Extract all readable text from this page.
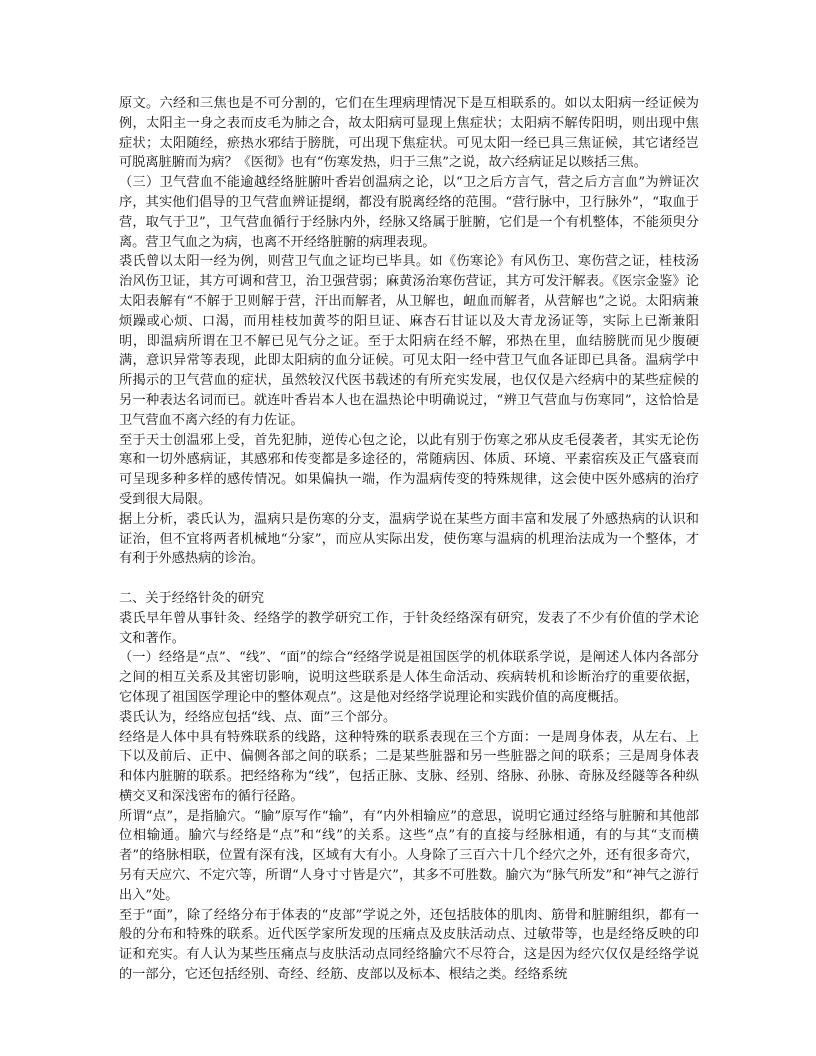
原文。六经和三焦也是不可分割的，它们在生理病理情况下是互相联系的。如以太阳病一经证候为例，太阳主一身之表而皮毛为肺之合，故太阳病可显现上焦症状；太阳病不解传阳明，则出现中焦症状；太阳随经，瘀热水邪结于膀胱，可出现下焦症状。可见太阳一经已具三焦证候，其它诸经岂可脱离脏腑而为病？《医彻》也有“伤寒发热，归于三焦”之说，故六经病证足以赅括三焦。

（三）卫气营血不能逾越经络脏腑叶香岩创温病之论，以“卫之后方言气，营之后方言血”为辨证次序，其实他们倡导的卫气营血辨证提纲，都没有脱离经络的范围。“营行脉中，卫行脉外”，“取血于营，取气于卫”，卫气营血循行于经脉内外，经脉又络属于脏腑，它们是一个有机整体，不能须臾分离。营卫气血之为病，也离不开经络脏腑的病理表现。

裘氏曾以太阳一经为例，则营卫气血之证均已毕具。如《伤寒论》有风伤卫、寒伤营之证，桂枝汤治风伤卫证，其方可调和营卫，治卫强营弱；麻黄汤治寒伤营证，其方可发汗解表。《医宗金鉴》论太阳表解有“不解于卫则解于营，汗出而解者，从卫解也，衄血而解者，从营解也”之说。太阳病兼烦躁或心烦、口渴，而用桂枝加黄芩的阳旦证、麻杏石甘证以及大青龙汤证等，实际上已渐兼阳明，即温病所谓在卫不解已见气分之证。至于太阳病在经不解，邪热在里，血结膀胱而见少腹硬满，意识异常等表现，此即太阳病的血分证候。可见太阳一经中营卫气血各证即已具备。温病学中所揭示的卫气营血的症状，虽然较汉代医书载述的有所充实发展，也仅仅是六经病中的某些症候的另一种表达名词而已。就连叶香岩本人也在温热论中明确说过，“辨卫气营血与伤寒同”，这恰恰是卫气营血不离六经的有力佐证。

至于天士创温邪上受，首先犯肺，逆传心包之论，以此有别于伤寒之邪从皮毛侵袭者，其实无论伤寒和一切外感病证，其感邪和传变都是多途径的，常随病因、体质、环境、平素宿疾及正气盛衰而可呈现多种多样的感传情况。如果偏执一端，作为温病传变的特殊规律，这会使中医外感病的治疗受到很大局限。

据上分析，裘氏认为，温病只是伤寒的分支，温病学说在某些方面丰富和发展了外感热病的认识和证治，但不宜将两者机械地“分家”，而应从实际出发，使伤寒与温病的机理治法成为一个整体，才有利于外感热病的诊治。

二、关于经络针灸的研究

裘氏早年曾从事针灸、经络学的教学研究工作，于针灸经络深有研究，发表了不少有价值的学术论文和著作。

（一）经络是“点”、“线”、“面”的综合“经络学说是祖国医学的机体联系学说，是阐述人体内各部分之间的相互关系及其密切影响，说明这些联系是人体生命活动、疾病转机和诊断治疗的重要依据，它体现了祖国医学理论中的整体观点”。这是他对经络学说理论和实践价值的高度概括。

裘氏认为，经络应包括“线、点、面”三个部分。

经络是人体中具有特殊联系的线路，这种特殊的联系表现在三个方面：一是周身体表，从左右、上下以及前后、正中、偏侧各部之间的联系；二是某些脏器和另一些脏器之间的联系；三是周身体表和体内脏腑的联系。把经络称为“线”，包括正脉、支脉、经别、络脉、孙脉、奇脉及经隧等各种纵横交叉和深浅密布的循行径路。

所谓“点”，是指腧穴。“腧”原写作“输”，有“内外相输应”的意思，说明它通过经络与脏腑和其他部位相输通。腧穴与经络是“点”和“线”的关系。这些“点”有的直接与经脉相通，有的与其“支而横者”的络脉相联，位置有深有浅，区域有大有小。人身除了三百六十几个经穴之外，还有很多奇穴，另有天应穴、不定穴等，所谓“人身寸寸皆是穴”，其多不可胜数。腧穴为“脉气所发”和“神气之游行出入”处。

至于“面”，除了经络分布于体表的“皮部”学说之外，还包括肢体的肌肉、筋骨和脏腑组织，都有一般的分布和特殊的联系。近代医学家所发现的压痛点及皮肤活动点、过敏带等，也是经络反映的印证和充实。有人认为某些压痛点与皮肤活动点同经络腧穴不尽符合，这是因为经穴仅仅是经络学说的一部分，它还包括经别、奇经、经筋、皮部以及标本、根结之类。经络系统
